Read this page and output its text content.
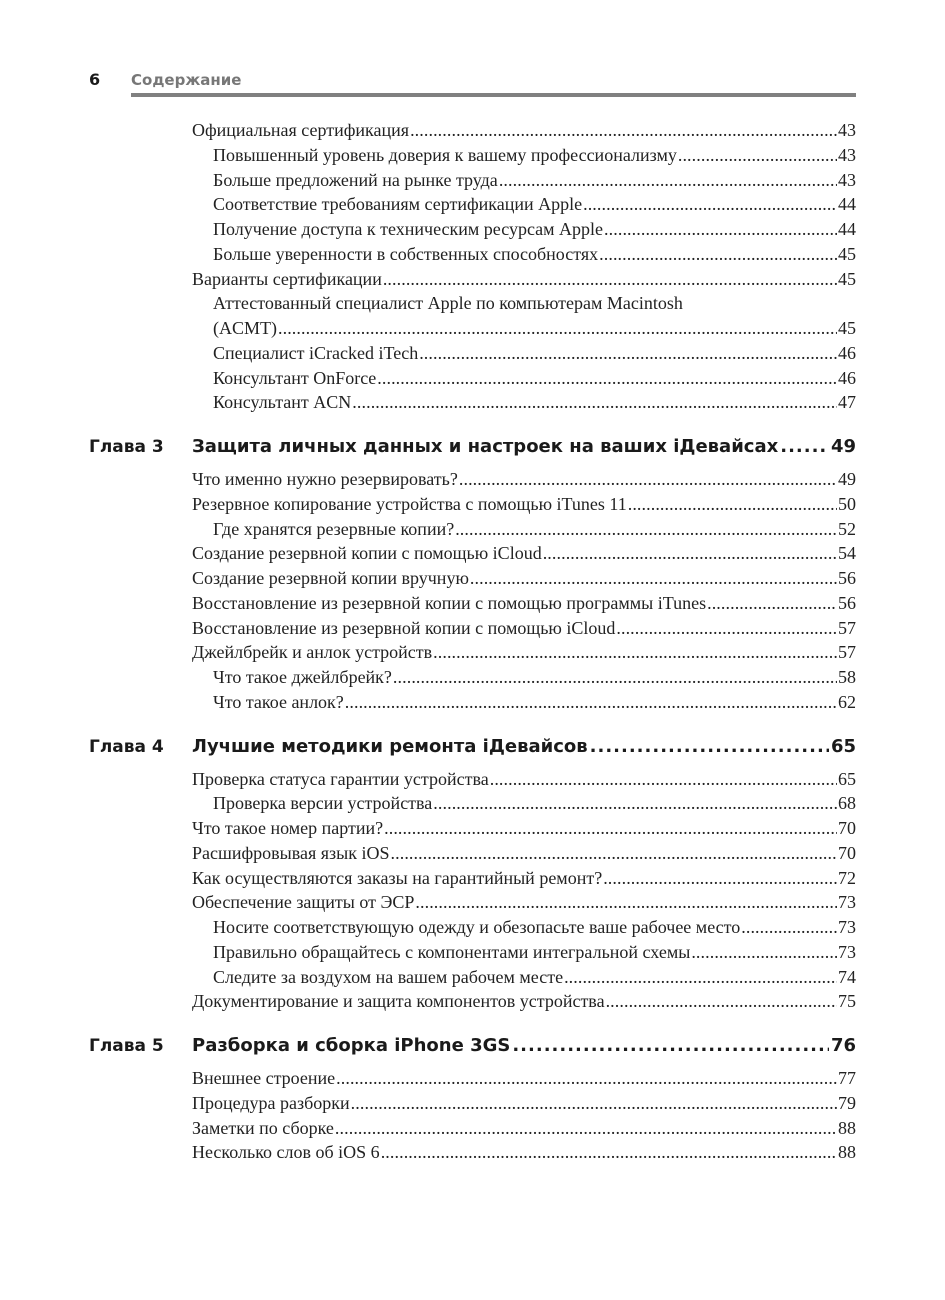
6 Содержание
Официальная сертификация . . .	43
Повышенный уровень доверия к вашему профессионализму . . .	43
Больше предложений на рынке труда . . .	43
Соответствие требованиям сертификации Apple . . .	44
Получение доступа к техническим ресурсам Apple . . .	44
Больше уверенности в собственных способностях . . .	45
Варианты сертификации . . .	45
Аттестованный специалист Apple по компьютерам Macintosh
(ACMT) . . .	45
Специалист iCracked iTech . . .	46
Консультант OnForce . . .	46
Консультант ACN . . .	47
Глава 3	Защита личных данных и настроек на ваших iДевайсах .....	49
Что именно нужно резервировать? . . .	49
Резервное копирование устройства с помощью iTunes 11 . . .	50
Где хранятся резервные копии? . . .	52
Создание резервной копии с помощью iCloud . . .	54
Создание резервной копии вручную . . .	56
Восстановление из резервной копии с помощью программы iTunes . . .	56
Восстановление из резервной копии с помощью iCloud . . .	57
Джейлбрейк и анлок устройств . . .	57
Что такое джейлбрейк? . . .	58
Что такое анлок? . . .	62
Глава 4	Лучшие методики ремонта iДевайсов .....	65
Проверка статуса гарантии устройства . . .	65
Проверка версии устройства . . .	68
Что такое номер партии? . . .	70
Расшифровывая язык iOS . . .	70
Как осуществляются заказы на гарантийный ремонт? . . .	72
Обеспечение защиты от ЭСР . . .	73
Носите соответствующую одежду и обезопасьте ваше рабочее место . . .	73
Правильно обращайтесь с компонентами интегральной схемы . . .	73
Следите за воздухом на вашем рабочем месте . . .	74
Документирование и защита компонентов устройства . . .	75
Глава 5	Разборка и сборка iPhone 3GS .....	76
Внешнее строение . . .	77
Процедура разборки . . .	79
Заметки по сборке . . .	88
Несколько слов об iOS 6 . . .	88
